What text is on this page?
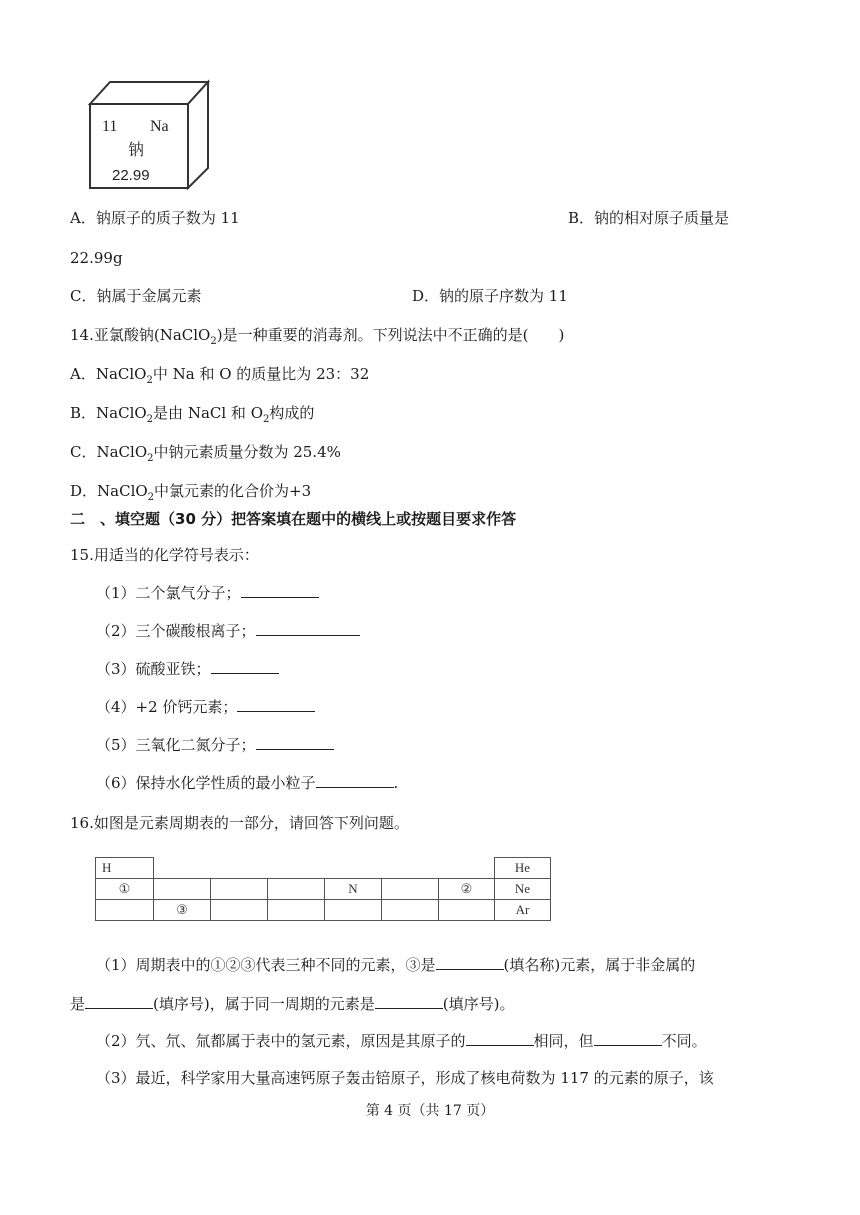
11 Na
钠
22.99
A．钠原子的质子数为 11	B．钠的相对原子质量是
22.99g
C．钠属于金属元素	D．钠的原子序数为 11
14.亚氯酸钠(NaClO$_2$)是一种重要的消毒剂。下列说法中不正确的是(　　)
A．NaClO$_2$中 Na 和 O 的质量比为 23：32
B．NaClO$_2$是由 NaCl 和 $O_2$构成的
C．NaClO$_2$中钠元素质量分数为 25.4%
D．NaClO$_2$中氯元素的化合价为+3
二　、填空题（30 分）把答案填在题中的横线上或按题目要求作答
15.用适当的化学符号表示：
（1）二个氯气分子；
（2）三个碳酸根离子；
（3）硫酸亚铁；
（4）+2 价钙元素；
（5）三氧化二氮分子；
（6）保持水化学性质的最小粒子	.
16.如图是元素周期表的一部分，请回答下列问题。
H							He
①				N		②	Ne
	③						Ar
（1）周期表中的①②③代表三种不同的元素，③是	(填名称)元素，属于非金属的
是	(填序号)，属于同一周期的元素是	(填序号)。
（2）氕、氘、氚都属于表中的氢元素，原因是其原子的	相同，但	不同。
（3）最近，科学家用大量高速钙原子轰击锫原子，形成了核电荷数为 117 的元素的原子，该
第 4 页（共 17 页）
